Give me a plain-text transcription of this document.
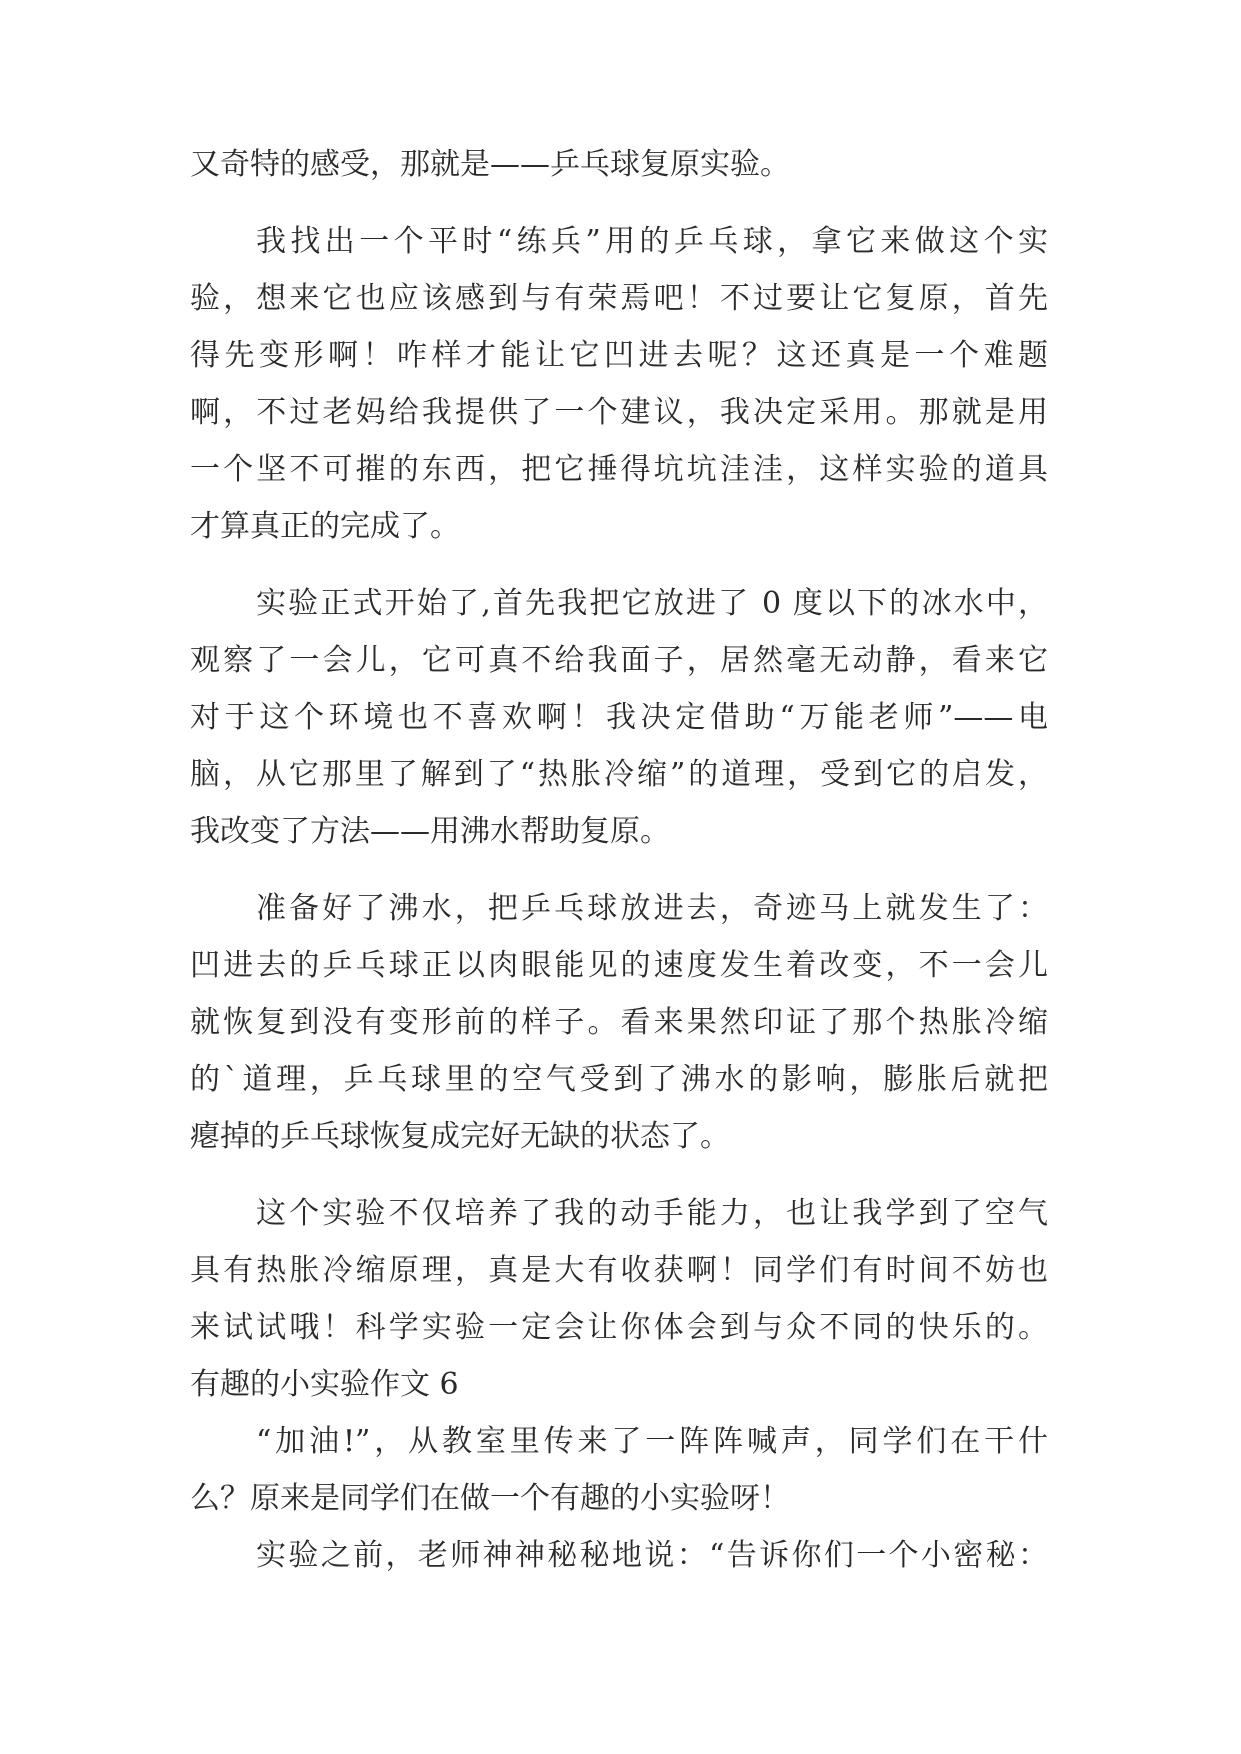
又奇特的感受，那就是——乒乓球复原实验。
我找出一个平时“练兵”用的乒乓球，拿它来做这个实
验，想来它也应该感到与有荣焉吧！不过要让它复原，首先
得先变形啊！咋样才能让它凹进去呢？这还真是一个难题
啊，不过老妈给我提供了一个建议，我决定采用。那就是用
一个坚不可摧的东西，把它捶得坑坑洼洼，这样实验的道具
才算真正的完成了。
实验正式开始了,首先我把它放进了 0 度以下的冰水中，
观察了一会儿，它可真不给我面子，居然毫无动静，看来它
对于这个环境也不喜欢啊！我决定借助“万能老师”——电
脑，从它那里了解到了“热胀冷缩”的道理，受到它的启发，
我改变了方法——用沸水帮助复原。
准备好了沸水，把乒乓球放进去，奇迹马上就发生了：
凹进去的乒乓球正以肉眼能见的速度发生着改变，不一会儿
就恢复到没有变形前的样子。看来果然印证了那个热胀冷缩
的`道理，乒乓球里的空气受到了沸水的影响，膨胀后就把
瘪掉的乒乓球恢复成完好无缺的状态了。
这个实验不仅培养了我的动手能力，也让我学到了空气
具有热胀冷缩原理，真是大有收获啊！同学们有时间不妨也
来试试哦！科学实验一定会让你体会到与众不同的快乐的。
有趣的小实验作文 6
“加油!”，从教室里传来了一阵阵喊声，同学们在干什
么？原来是同学们在做一个有趣的小实验呀！
实验之前，老师神神秘秘地说：“告诉你们一个小密秘：
